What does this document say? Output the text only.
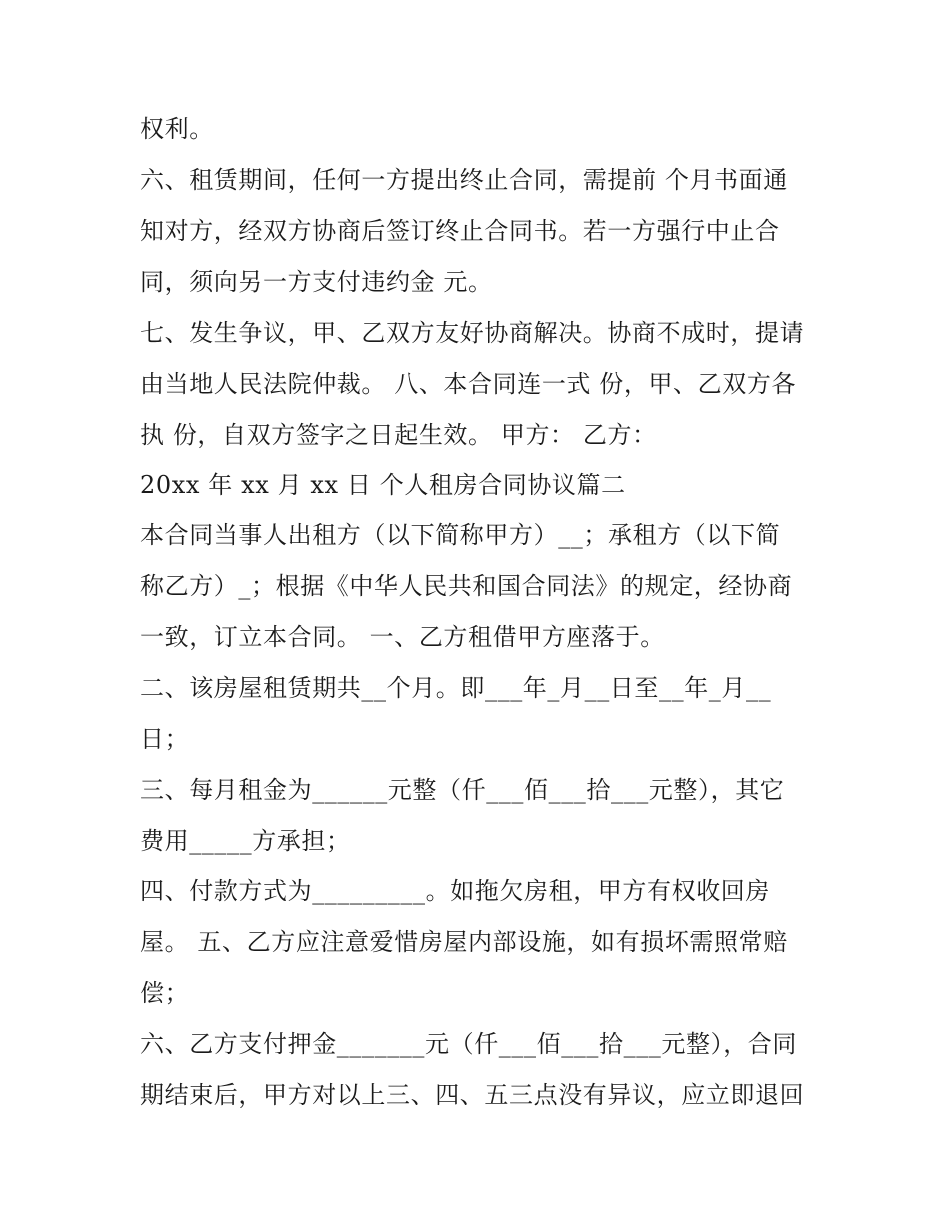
权利。
六、租赁期间，任何一方提出终止合同，需提前 个月书面通
知对方，经双方协商后签订终止合同书。若一方强行中止合
同，须向另一方支付违约金 元。
七、发生争议，甲、乙双方友好协商解决。协商不成时，提请
由当地人民法院仲裁。 八、本合同连一式 份，甲、乙双方各
执 份，自双方签字之日起生效。 甲方： 乙方：
20xx 年 xx 月 xx 日 个人租房合同协议篇二
本合同当事人出租方（以下简称甲方）__；承租方（以下简
称乙方）_；根据《中华人民共和国合同法》的规定，经协商
一致，订立本合同。 一、乙方租借甲方座落于。
二、该房屋租赁期共__个月。即___年_月__日至__年_月__
日；
三、每月租金为______元整（仟___佰___拾___元整），其它
费用_____方承担；
四、付款方式为_________。如拖欠房租，甲方有权收回房
屋。 五、乙方应注意爱惜房屋内部设施，如有损坏需照常赔
偿；
六、乙方支付押金_______元（仟___佰___拾___元整），合同
期结束后，甲方对以上三、四、五三点没有异议，应立即退回
